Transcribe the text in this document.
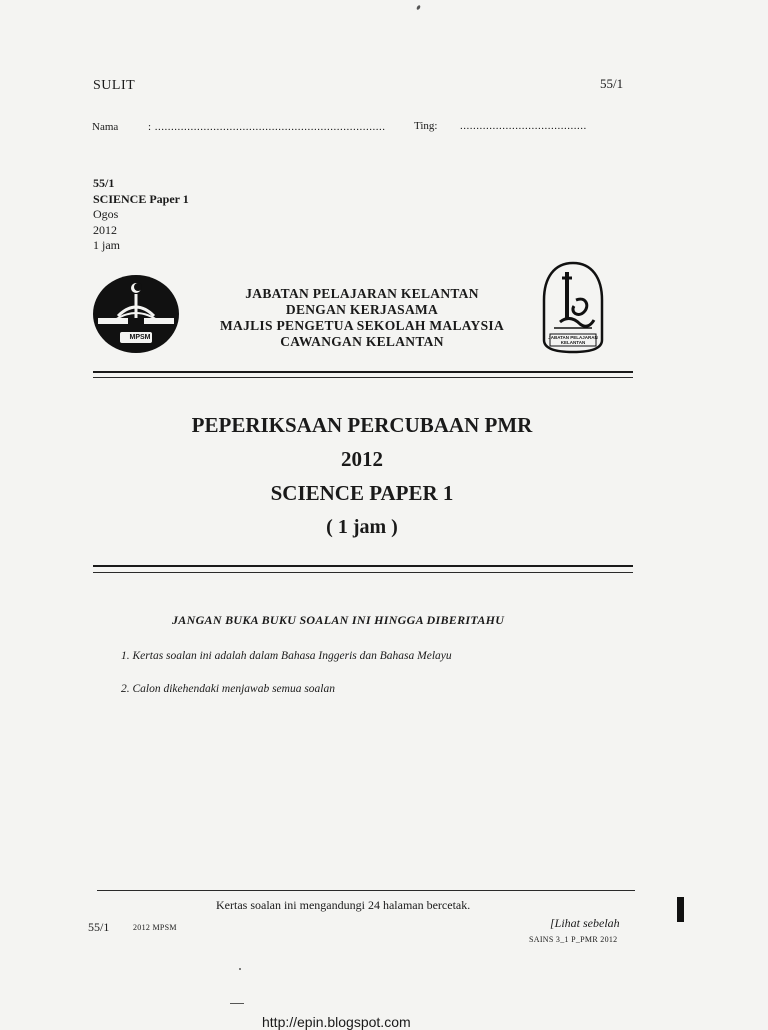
SULIT	55/1
Nama	: .......................................................................	Ting: .......................................
55/1
SCIENCE Paper 1
Ogos
2012
1 jam
MPSM
JABATAN PELAJARAN KELANTAN
DENGAN KERJASAMA
MAJLIS PENGETUA SEKOLAH MALAYSIA
CAWANGAN KELANTAN	JABATAN PELAJARAN KELANTAN
PEPERIKSAAN PERCUBAAN PMR
2012
SCIENCE PAPER 1
( 1 jam )
JANGAN BUKA BUKU SOALAN INI HINGGA DIBERITAHU
1. Kertas soalan ini adalah dalam Bahasa Inggeris dan Bahasa Melayu
2. Calon dikehendaki menjawab semua soalan
Kertas soalan ini mengandungi 24 halaman bercetak.
55/1	2012 MPSM	[Lihat sebelah
SAINS 3_1 P_PMR 2012
http://epin.blogspot.com
